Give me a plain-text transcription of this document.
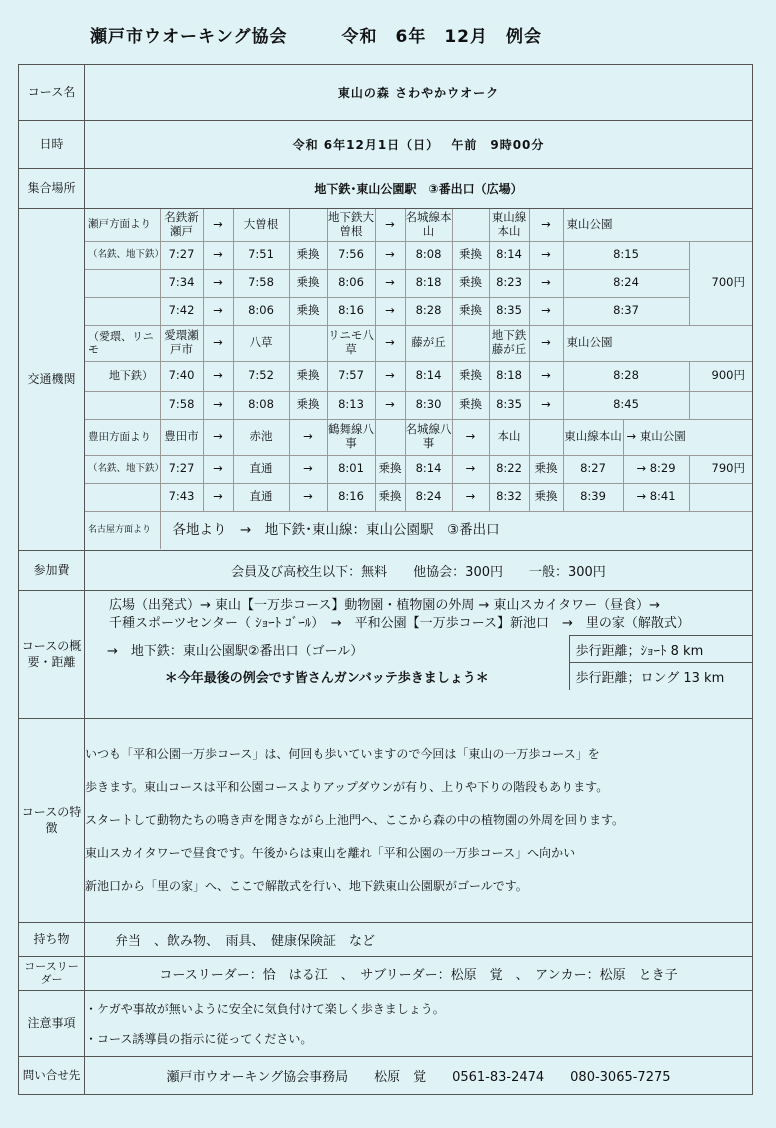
瀬戸市ウオーキング協会　　　	令和　6年　12月　例会
コース名	東山の森 さわやかウオーク
日時	令和 6年12月1日（日）　 午前　9時00分
集合場所	地下鉄･東山公園駅　③番出口（広場）
交通機関	
瀬戸方面より	名鉄新瀬戸	→	大曽根		地下鉄大曽根	→	名城線本山		東山線本山	→	東山公園
（名鉄、地下鉄）	7:27	→	7:51	乗換	7:56	→	8:08	乗換	8:14	→	8:15	700円
	7:34	→	7:58	乗換	8:06	→	8:18	乗換	8:23	→	8:24
	7:42	→	8:06	乗換	8:16	→	8:28	乗換	8:35	→	8:37
（愛環、リニモ	愛環瀬戸市	→	八草		リニモ八草	→	藤が丘		地下鉄藤が丘	→	東山公園
地下鉄）	7:40	→	7:52	乗換	7:57	→	8:14	乗換	8:18	→	8:28	900円
	7:58	→	8:08	乗換	8:13	→	8:30	乗換	8:35	→	8:45	
豊田方面より	豊田市	→	赤池	→	鶴舞線八事		名城線八事	→	本山		東山線本山	→ 東山公園
（名鉄、地下鉄）	7:27	→	直通	→	8:01	乗換	8:14	→	8:22	乗換	8:27	→ 8:29	790円
	7:43	→	直通	→	8:16	乗換	8:24	→	8:32	乗換	8:39	→ 8:41	
名古屋方面より	各地より　→　地下鉄･東山線：東山公園駅　③番出口

参加費	会員及び高校生以下：無料　　他協会：300円　　一般：300円
コースの概要・距離	
広場（出発式）→ 東山【一万歩コース】動物園・植物園の外周 → 東山スカイタワー（昼食）→
千種スポーツセンター（ ｼｮｰﾄ ｺﾞｰﾙ）　→　平和公園【一万歩コース】新池口　→　里の家（解散式）
→　地下鉄：東山公園駅②番出口（ゴール）	歩行距離；ｼｮｰﾄ 8 km
＊今年最後の例会です皆さんガンバッテ歩きましょう＊	歩行距離；ロング 13 km

コースの特徴	
いつも「平和公園一万歩コース」は、何回も歩いていますので今回は「東山の一万歩コース」を
歩きます。東山コースは平和公園コースよりアップダウンが有り、上りや下りの階段もあります。
スタートして動物たちの鳴き声を聞きながら上池門へ、ここから森の中の植物園の外周を回ります。
東山スカイタワーで昼食です。午後からは東山を離れ「平和公園の一万歩コース」へ向かい
新池口から「里の家」へ、ここで解散式を行い、地下鉄東山公園駅がゴールです。

持ち物	弁当　、飲み物、　雨具、　健康保険証　など
コースリーダー	コースリーダー：恰　はる江　、　サブリーダー：松原　覚　、　アンカー：松原　とき子
注意事項	
・ケガや事故が無いように安全に気負付けて楽しく歩きましょう。
・コース誘導員の指示に従ってください。

問い合せ先	瀬戸市ウオーキング協会事務局　　松原　覚　　0561-83-2474　　080-3065-7275
